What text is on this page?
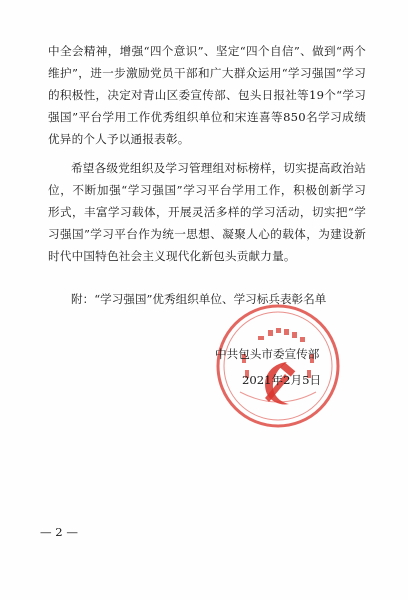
中全会精神，增强“四个意识”、坚定“四个自信”、做到“两个维护”，进一步激励党员干部和广大群众运用“学习强国”学习的积极性，决定对青山区委宣传部、包头日报社等19个“学习强国”平台学用工作优秀组织单位和宋连喜等850名学习成绩优异的个人予以通报表彰。

希望各级党组织及学习管理组对标榜样，切实提高政治站位，不断加强“学习强国”学习平台学用工作，积极创新学习形式，丰富学习载体，开展灵活多样的学习活动，切实把“学习强国”学习平台作为统一思想、凝聚人心的载体，为建设新时代中国特色社会主义现代化新包头贡献力量。

附：“学习强国”优秀组织单位、学习标兵表彰名单
中共包头市委宣传部
2021年2月5日
— 2 —
